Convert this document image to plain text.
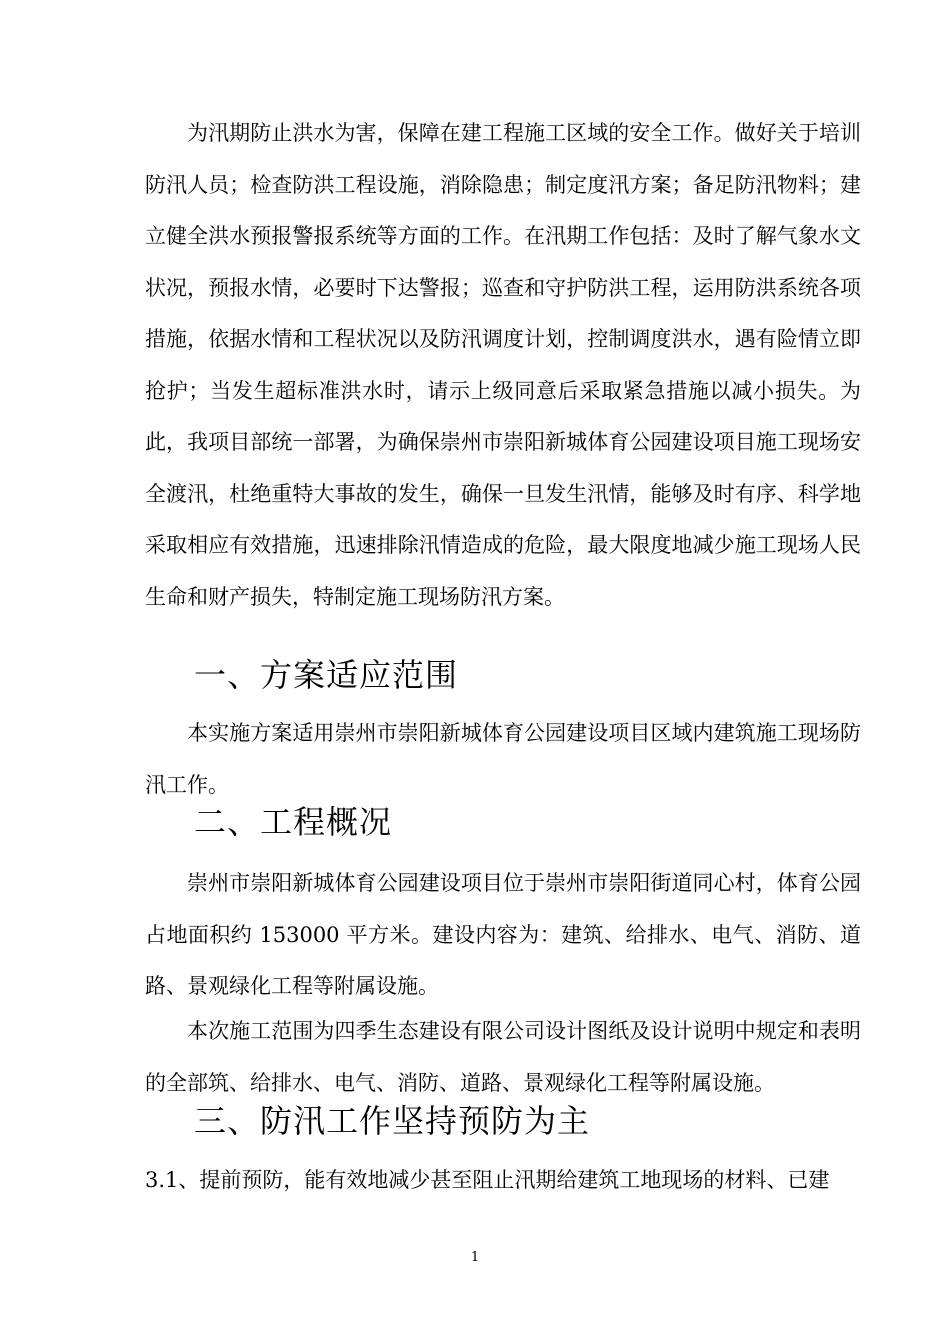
为汛期防止洪水为害，保障在建工程施工区域的安全工作。做好关于培训防汛人员；检查防洪工程设施，消除隐患；制定度汛方案；备足防汛物料；建立健全洪水预报警报系统等方面的工作。在汛期工作包括：及时了解气象水文状况，预报水情，必要时下达警报；巡查和守护防洪工程，运用防洪系统各项措施，依据水情和工程状况以及防汛调度计划，控制调度洪水，遇有险情立即抢护；当发生超标准洪水时，请示上级同意后采取紧急措施以减小损失。为此，我项目部统一部署，为确保崇州市崇阳新城体育公园建设项目施工现场安全渡汛，杜绝重特大事故的发生，确保一旦发生汛情，能够及时有序、科学地采取相应有效措施，迅速排除汛情造成的危险，最大限度地减少施工现场人民生命和财产损失，特制定施工现场防汛方案。

一、方案适应范围

本实施方案适用崇州市崇阳新城体育公园建设项目区域内建筑施工现场防汛工作。

二、工程概况

崇州市崇阳新城体育公园建设项目位于崇州市崇阳街道同心村，体育公园占地面积约 153000 平方米。建设内容为：建筑、给排水、电气、消防、道路、景观绿化工程等附属设施。

本次施工范围为四季生态建设有限公司设计图纸及设计说明中规定和表明的全部筑、给排水、电气、消防、道路、景观绿化工程等附属设施。

三、防汛工作坚持预防为主

3.1、提前预防，能有效地减少甚至阻止汛期给建筑工地现场的材料、已建

1
